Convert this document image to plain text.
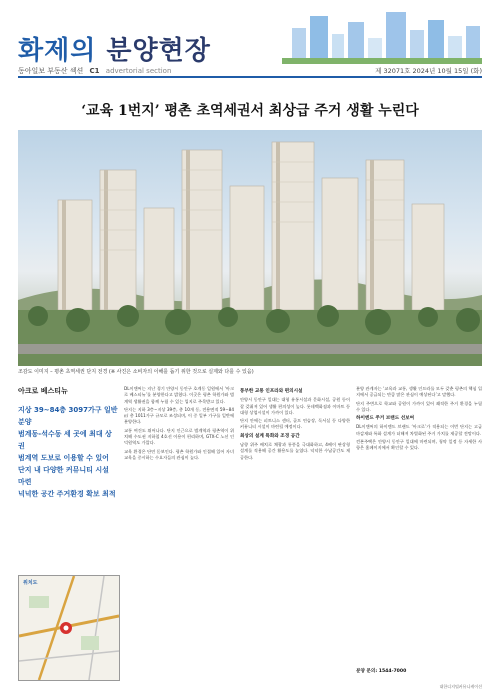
화제의 분양현장
동아일보 부동산 섹션 C1 advertorial section	제 32071호 2024년 10월 15일 (화)
‘교육 1번지’ 평촌 초역세권서 최상급 주거 생활 누린다
조감도 이미지 – 평촌 초역세권 단지 전경 (※ 사진은 소비자의 이해를 돕기 위한 것으로 실제와 다를 수 있음)
아크로 베스티뉴
지상 39∼84층 3097가구 일반 분양
범계동-석수동 세 곳에 최대 상권
범계역 도보로 이용할 수 있어
단지 내 다양한 커뮤니티 시설 마련
넉넉한 공간 주거환경 확보 최적
위치도

DL이앤씨는 지난 경기 안양시 동안구 호계동 일원에서 ‘아크로 베스티뉴’를 분양한다고 밝혔다. 이곳은 평촌 학원가와 범계역 생활권을 함께 누릴 수 있는 입지로 주목받고 있다.

단지는 지하 3층∼지상 39층, 총 10개 동, 전용면적 59∼84㎡ 총 1011가구 규모로 조성되며, 이 중 일부 가구를 일반에 분양한다.

교통 여건도 뛰어나다. 단지 인근으로 범계역과 평촌역이 위치해 수도권 지하철 4호선 이용이 편리하며, GTX-C 노선 인덕원역도 가깝다.

교육 환경은 단연 돋보인다. 평촌 학원가와 인접해 있어 자녀 교육을 중시하는 수요자들의 관심이 높다.

풍부한 교통 인프라와 편의시설

안양시 동안구 일대는 대형 유통시설과 문화시설, 공원 등이 잘 갖춰져 있어 생활 편의성이 높다. 롯데백화점과 이마트 등 대형 상업시설이 가까이 있다.

단지 안에는 피트니스 센터, 골프 연습장, 독서실 등 다양한 커뮤니티 시설이 마련될 예정이다.

최상의 설계 특화와 조경 공간

남향 위주 배치로 채광과 통풍을 극대화하고, 4베이 판상형 설계를 적용해 공간 활용도를 높였다. 넉넉한 수납공간도 제공한다.

분양 관계자는 ‘교육과 교통, 생활 인프라를 모두 갖춘 평촌의 핵심 입지에서 공급되는 만큼 많은 관심이 예상된다’고 말했다.

단지 주변으로 학교와 공원이 가까이 있어 쾌적한 주거 환경을 누릴 수 있다.

하이엔드 주거 브랜드 선보여

DL이앤씨의 하이엔드 브랜드 ‘아크로’가 적용되는 이번 단지는 고급 마감재와 특화 설계가 더해져 차별화된 주거 가치를 제공할 전망이다.

견본주택은 안양시 동안구 일대에 마련되며, 청약 일정 등 자세한 사항은 홈페이지에서 확인할 수 있다.

분양 문의: 1544-7000
대한디지털커뮤니케이션
